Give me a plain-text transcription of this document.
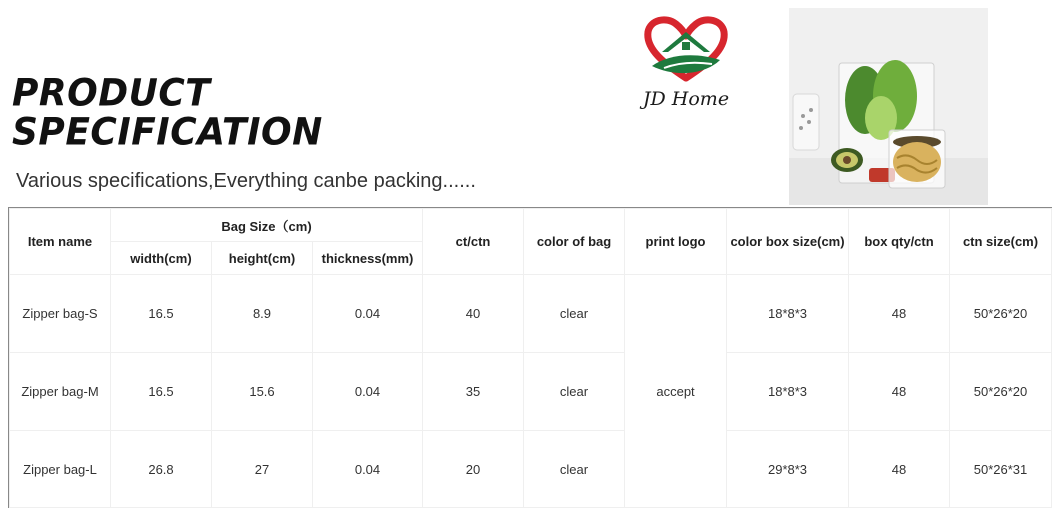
PRODUCT
SPECIFICATION
Various specifications,Everything canbe packing......
JD Home
Item name	Bag Size（cm)			ct/ctn	color of bag	print logo	color box size(cm)	box qty/ctn	ctn size(cm)
	width(cm)	height(cm)	thickness(mm)						
Zipper bag-S	16.5	8.9	0.04	40	clear	accept	18*8*3	48	50*26*20
Zipper bag-M	16.5	15.6	0.04	35	clear		18*8*3	48	50*26*20
Zipper bag-L	26.8	27	0.04	20	clear		29*8*3	48	50*26*31
